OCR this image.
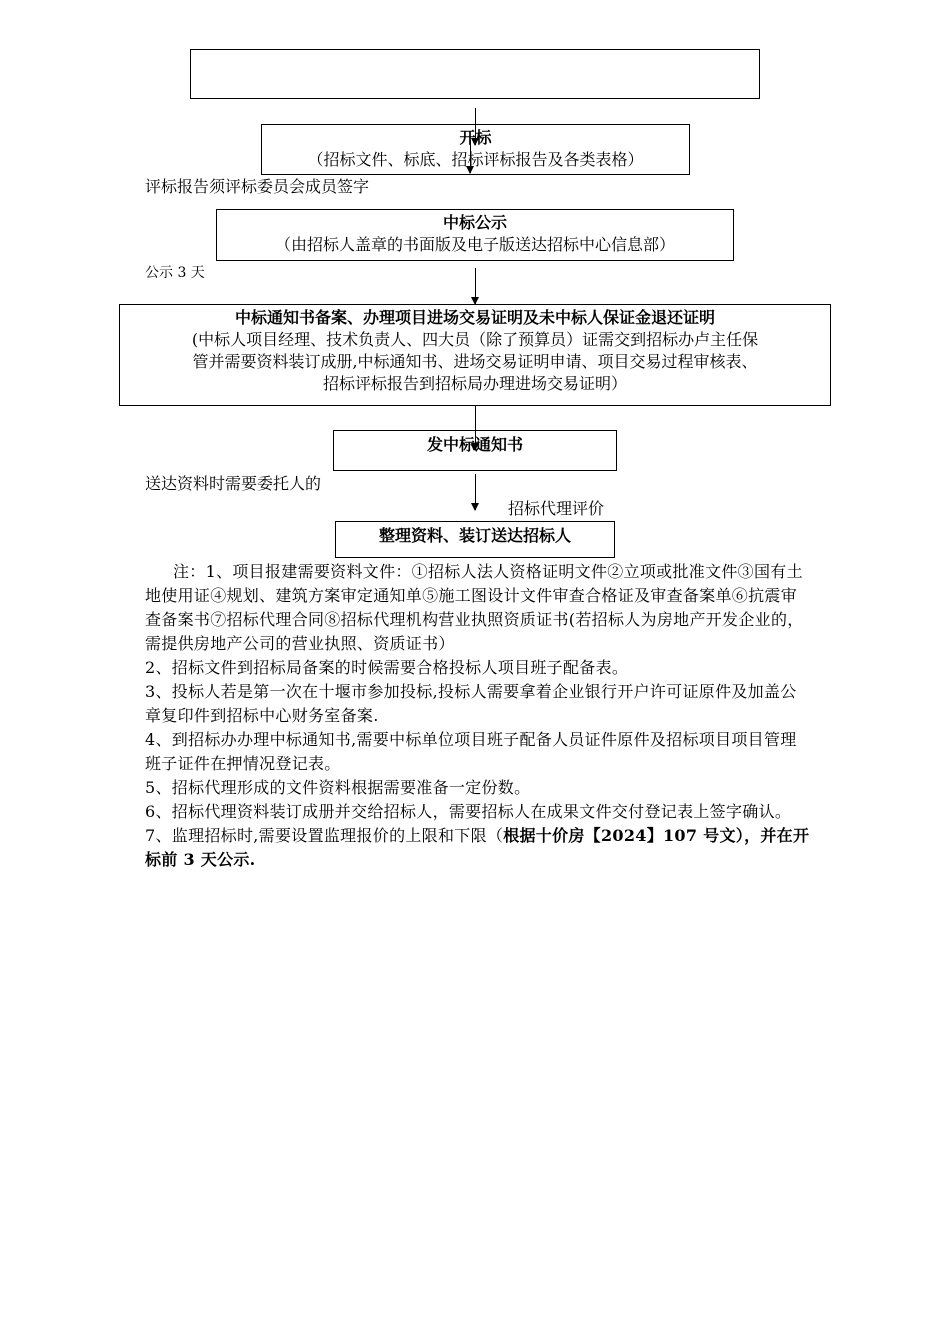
开标
（招标文件、标底、招标评标报告及各类表格）
评标报告须评标委员会成员签字
中标公示
（由招标人盖章的书面版及电子版送达招标中心信息部）
公示 3 天
中标通知书备案、办理项目进场交易证明及未中标人保证金退还证明
(中标人项目经理、技术负责人、四大员（除了预算员）证需交到招标办卢主任保
管并需要资料装订成册,中标通知书、进场交易证明申请、项目交易过程审核表、
招标评标报告到招标局办理进场交易证明）
发中标通知书
送达资料时需要委托人的
招标代理评价
整理资料、装订送达招标人

注：1、项目报建需要资料文件：①招标人法人资格证明文件②立项或批准文件③国有土地使用证④规划、建筑方案审定通知单⑤施工图设计文件审查合格证及审查备案单⑥抗震审查备案书⑦招标代理合同⑧招标代理机构营业执照资质证书(若招标人为房地产开发企业的，需提供房地产公司的营业执照、资质证书）

2、招标文件到招标局备案的时候需要合格投标人项目班子配备表。

3、投标人若是第一次在十堰市参加投标,投标人需要拿着企业银行开户许可证原件及加盖公章复印件到招标中心财务室备案.

4、到招标办办理中标通知书,需要中标单位项目班子配备人员证件原件及招标项目项目管理班子证件在押情况登记表。

5、招标代理形成的文件资料根据需要准备一定份数。

6、招标代理资料装订成册并交给招标人，需要招标人在成果文件交付登记表上签字确认。

7、监理招标时,需要设置监理报价的上限和下限（根据十价房【2024】107 号文），并在开标前 3 天公示.
